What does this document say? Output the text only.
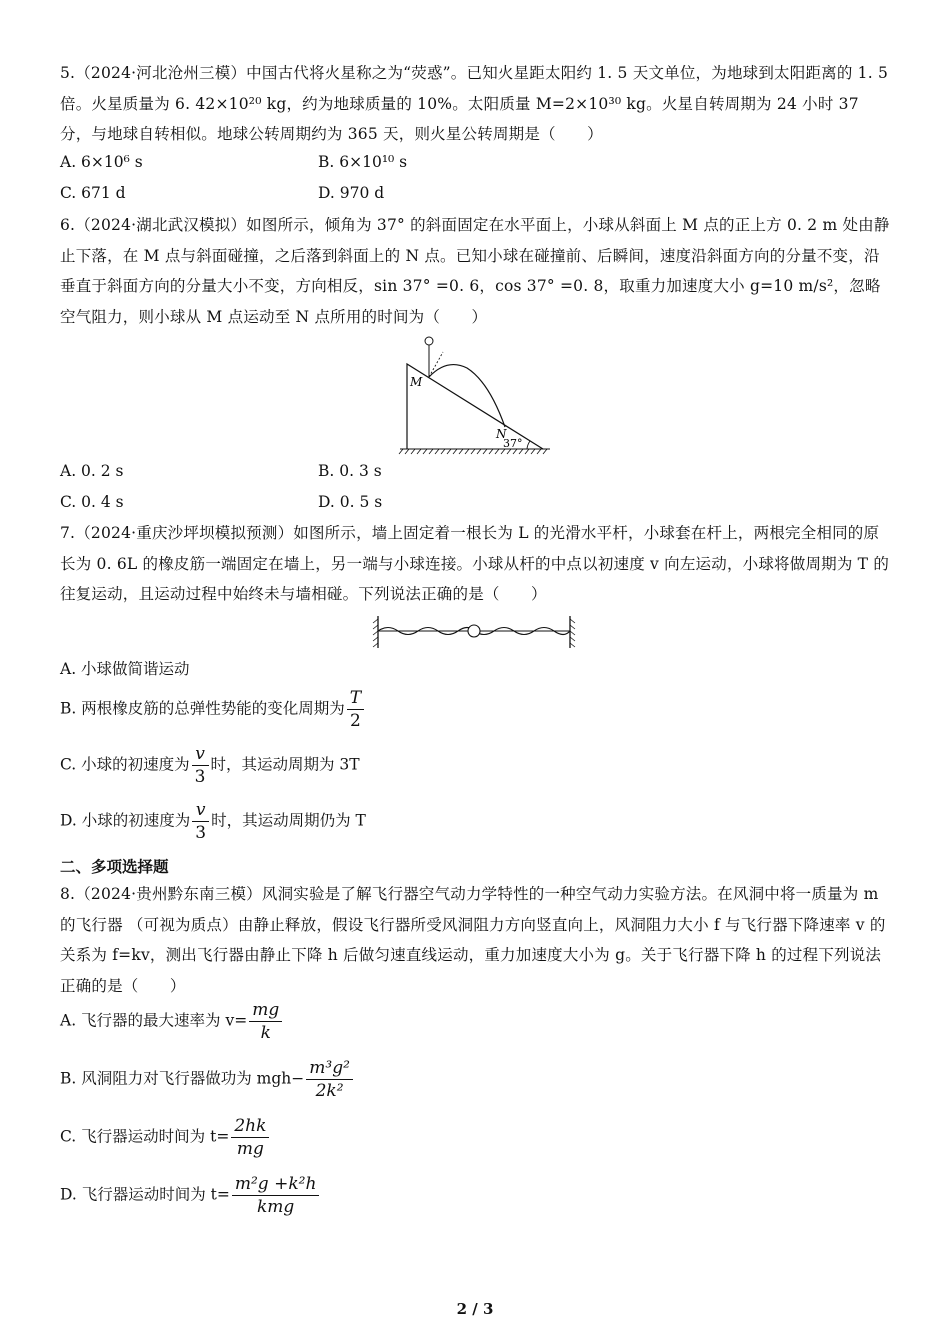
5.（2024·河北沧州三模）中国古代将火星称之为“荧惑”。已知火星距太阳约 1. 5 天文单位，为地球到太阳距离的 1. 5 倍。火星质量为 6. 42×10²⁰ kg，约为地球质量的 10%。太阳质量 M=2×10³⁰ kg。火星自转周期为 24 小时 37 分，与地球自转相似。地球公转周期约为 365 天，则火星公转周期是（　　）
A. 6×10⁶ s	B. 6×10¹⁰ s
C. 671 d	D. 970 d
6.（2024·湖北武汉模拟）如图所示，倾角为 37° 的斜面固定在水平面上，小球从斜面上 M 点的正上方 0. 2 m 处由静止下落，在 M 点与斜面碰撞，之后落到斜面上的 N 点。已知小球在碰撞前、后瞬间，速度沿斜面方向的分量不变，沿垂直于斜面方向的分量大小不变，方向相反，sin 37° =0. 6，cos 37° =0. 8，取重力加速度大小 g=10 m/s²，忽略空气阻力，则小球从 M 点运动至 N 点所用的时间为（　　）
M
N
37°
A. 0. 2 s	B. 0. 3 s
C. 0. 4 s	D. 0. 5 s
7.（2024·重庆沙坪坝模拟预测）如图所示，墙上固定着一根长为 L 的光滑水平杆，小球套在杆上，两根完全相同的原长为 0. 6L 的橡皮筋一端固定在墙上，另一端与小球连接。小球从杆的中点以初速度 v 向左运动，小球将做周期为 T 的往复运动，且运动过程中始终未与墙相碰。下列说法正确的是（　　）
A. 小球做简谐运动
B. 两根橡皮筋的总弹性势能的变化周期为 $\frac{T}{2}$
C. 小球的初速度为 $\frac{v}{3}$ 时，其运动周期为 3T
D. 小球的初速度为 $\frac{v}{3}$ 时，其运动周期仍为 T
二、多项选择题
8.（2024·贵州黔东南三模）风洞实验是了解飞行器空气动力学特性的一种空气动力实验方法。在风洞中将一质量为 m 的飞行器 （可视为质点）由静止释放，假设飞行器所受风洞阻力方向竖直向上，风洞阻力大小 f 与飞行器下降速率 v 的关系为 f=kv，测出飞行器由静止下降 h 后做匀速直线运动，重力加速度大小为 g。关于飞行器下降 h 的过程下列说法正确的是（　　）
A. 飞行器的最大速率为 $v= \frac{mg}{k}$
B. 风洞阻力对飞行器做功为 $mgh- \frac{\text{m³g²}}{\text{2k²}}$
C. 飞行器运动时间为 $t= \frac{2hk}{mg}$
D. 飞行器运动时间为 $t= \frac{\text{m²g +k²h}}{\text{kmg}}$
2 / 3
